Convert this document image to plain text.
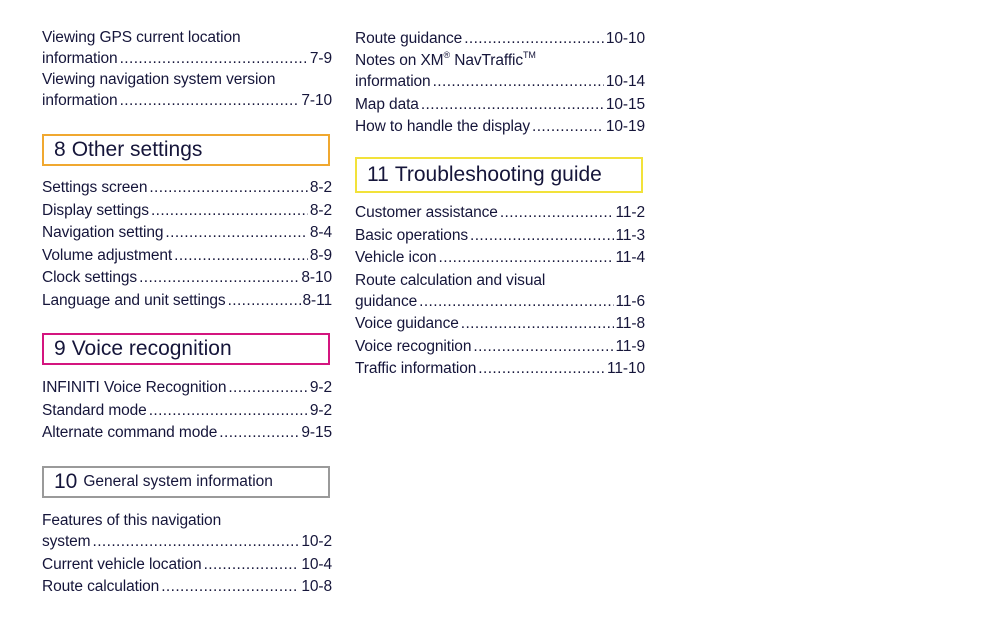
Viewing GPS current location
information .....	7-9
Viewing navigation system version
information .....	7-10
8 Other settings
Settings screen .....	8-2
Display settings .....	8-2
Navigation setting .....	8-4
Volume adjustment .....	8-9
Clock settings .....	8-10
Language and unit settings .....	8-11
9 Voice recognition
INFINITI Voice Recognition .....	9-2
Standard mode .....	9-2
Alternate command mode .....	9-15
10 General system information
Features of this navigation
system .....	10-2
Current vehicle location .....	10-4
Route calculation .....	10-8
Route guidance .....	10-10
Notes on XM® NavTraffic™
information .....	10-14
Map data .....	10-15
How to handle the display .....	10-19
11 Troubleshooting guide
Customer assistance .....	11-2
Basic operations .....	11-3
Vehicle icon .....	11-4
Route calculation and visual
guidance .....	11-6
Voice guidance .....	11-8
Voice recognition .....	11-9
Traffic information .....	11-10
